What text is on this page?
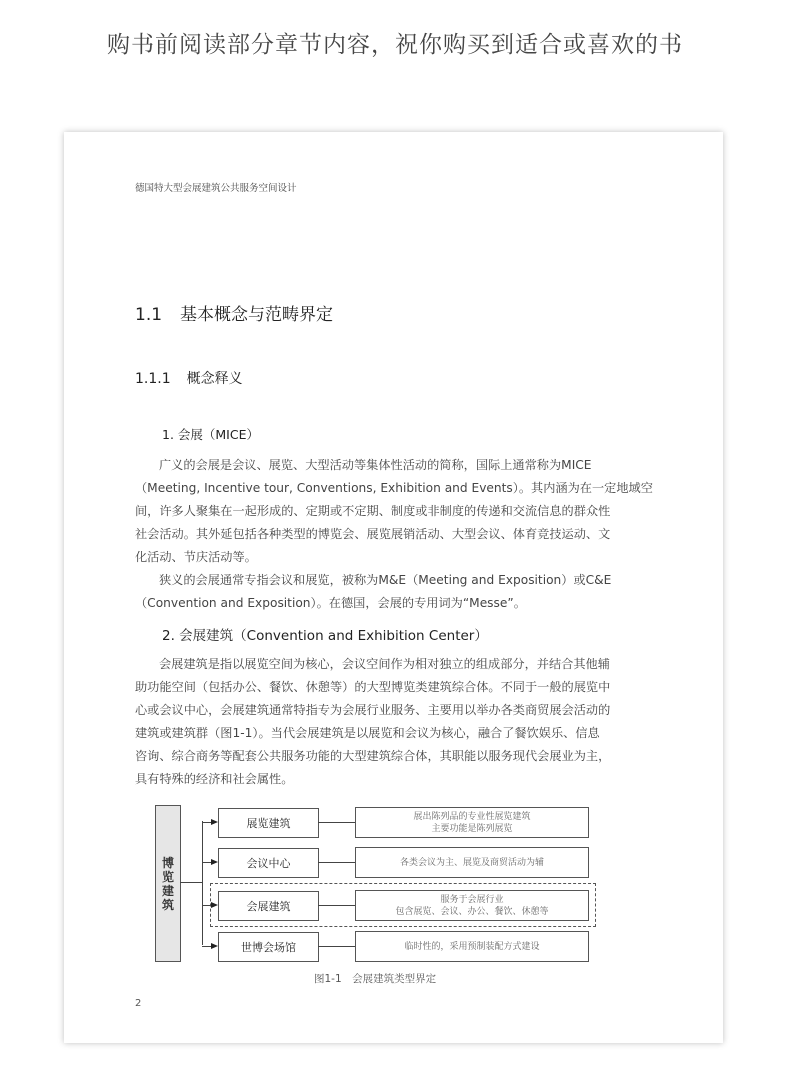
购书前阅读部分章节内容，祝你购买到适合或喜欢的书
德国特大型会展建筑公共服务空间设计
1.1 基本概念与范畴界定
1.1.1 概念释义
1. 会展（MICE）
广义的会展是会议、展览、大型活动等集体性活动的简称，国际上通常称为MICE
（Meeting, Incentive tour, Conventions, Exhibition and Events）。其内涵为在一定地域空
间，许多人聚集在一起形成的、定期或不定期、制度或非制度的传递和交流信息的群众性
社会活动。其外延包括各种类型的博览会、展览展销活动、大型会议、体育竞技运动、文
化活动、节庆活动等。
狭义的会展通常专指会议和展览，被称为M&E（Meeting and Exposition）或C&E
（Convention and Exposition）。在德国，会展的专用词为“Messe”。
2. 会展建筑（Convention and Exhibition Center）
会展建筑是指以展览空间为核心，会议空间作为相对独立的组成部分，并结合其他辅
助功能空间（包括办公、餐饮、休憩等）的大型博览类建筑综合体。不同于一般的展览中
心或会议中心，会展建筑通常特指专为会展行业服务、主要用以举办各类商贸展会活动的
建筑或建筑群（图1-1）。当代会展建筑是以展览和会议为核心，融合了餐饮娱乐、信息
咨询、综合商务等配套公共服务功能的大型建筑综合体，其职能以服务现代会展业为主，
具有特殊的经济和社会属性。
博览建筑
展览建筑
展出陈列品的专业性展览建筑
主要功能是陈列展览
会议中心	各类会议为主、展览及商贸活动为辅
会展建筑
服务于会展行业
包含展览、会议、办公、餐饮、休憩等
世博会场馆	临时性的，采用预制装配方式建设
图1-1　会展建筑类型界定
2
